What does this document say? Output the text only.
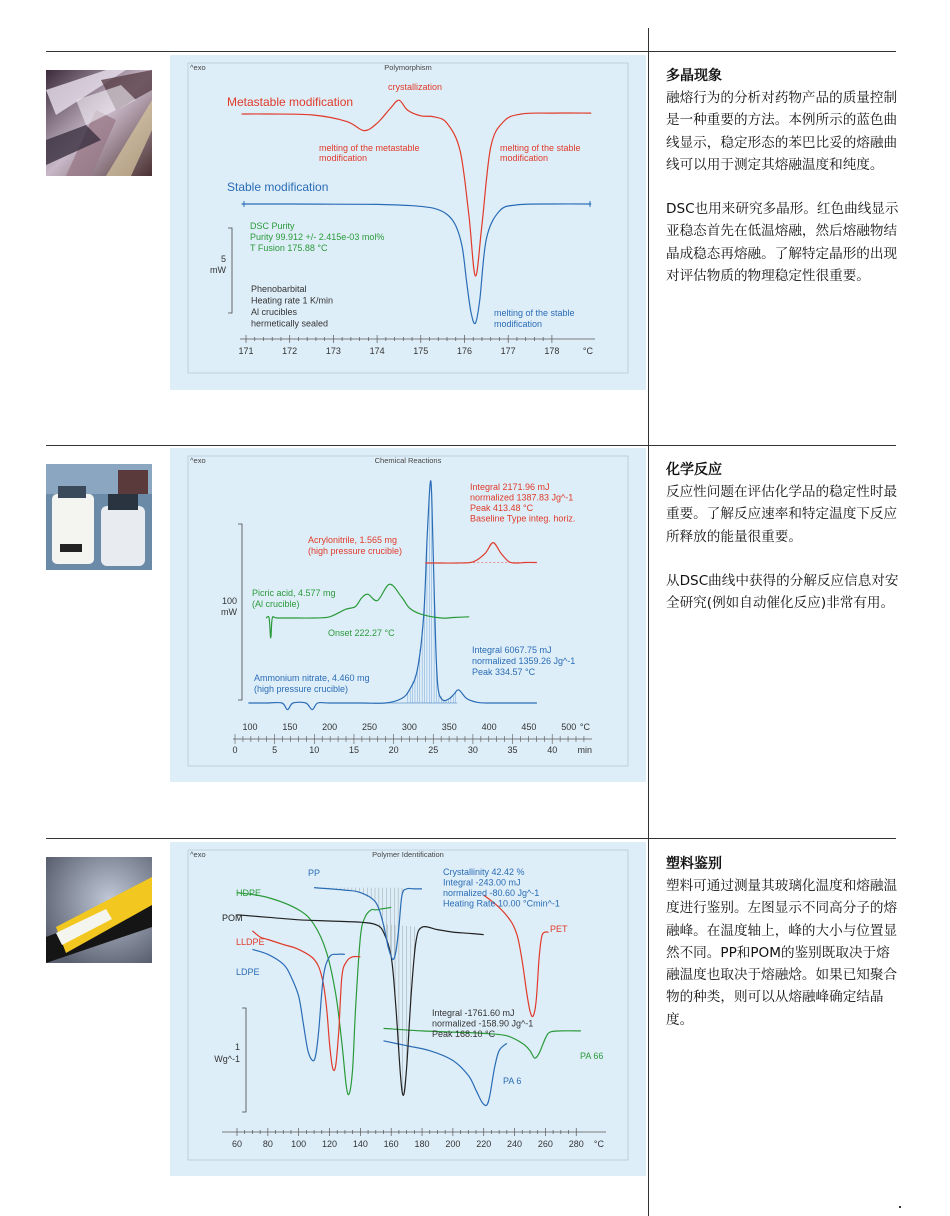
^exo	Polymorphism
Metastable modification
crystallization
melting of the metastable
modification
melting of the stable
modification
Stable modification
DSC Purity
Purity 99.912 +/- 2.415e-03 mol%
T Fusion 175.88 °C
Phenobarbital
Heating rate 1 K/min
Al crucibles
hermetically sealed
melting of the stable
modification
5
mW
171	172	173	174	175	176	177	178	°C
^exo	Chemical Reactions
Integral 2171.96 mJ
normalized 1387.83 Jg^-1
Peak 413.48 °C
Baseline Type integ. horiz.
Acrylonitrile, 1.565 mg
(high pressure crucible)
Picric acid, 4.577 mg
(Al crucible)
Onset 222.27 °C
Integral 6067.75 mJ
normalized 1359.26 Jg^-1
Peak 334.57 °C
Ammonium nitrate, 4.460 mg
(high pressure crucible)
100
mW
100	150	200	250	300	350	400	450	500 °C
0	5	10	15	20	25	30	35	40 min
^exo	Polymer Identification
PP
HDPE
POM
LLDPE
LDPE
PET
PA 66
PA 6
Crystallinity 42.42 %
Integral -243.00 mJ
normalized -80.60 Jg^-1
Heating Rate 10.00 °Cmin^-1
Integral -1761.60 mJ
normalized -158.90 Jg^-1
Peak 168.10 °C
1
Wg^-1
60 80 100 120 140 160 180 200 220 240 260 280 °C
多晶现象

融熔行为的分析对药物产品的质量控制是一种重要的方法。本例所示的蓝色曲线显示，稳定形态的苯巴比妥的熔融曲线可以用于测定其熔融温度和纯度。

DSC也用来研究多晶形。红色曲线显示亚稳态首先在低温熔融，然后熔融物结晶成稳态再熔融。了解特定晶形的出现对评估物质的物理稳定性很重要。

化学反应

反应性问题在评估化学品的稳定性时最重要。了解反应速率和特定温度下反应所释放的能量很重要。

从DSC曲线中获得的分解反应信息对安全研究(例如自动催化反应)非常有用。

塑料鉴别

塑料可通过测量其玻璃化温度和熔融温度进行鉴别。左图显示不同高分子的熔融峰。在温度轴上，峰的大小与位置显然不同。PP和POM的鉴别既取决于熔融温度也取决于熔融焓。如果已知聚合物的种类，则可以从熔融峰确定结晶度。
